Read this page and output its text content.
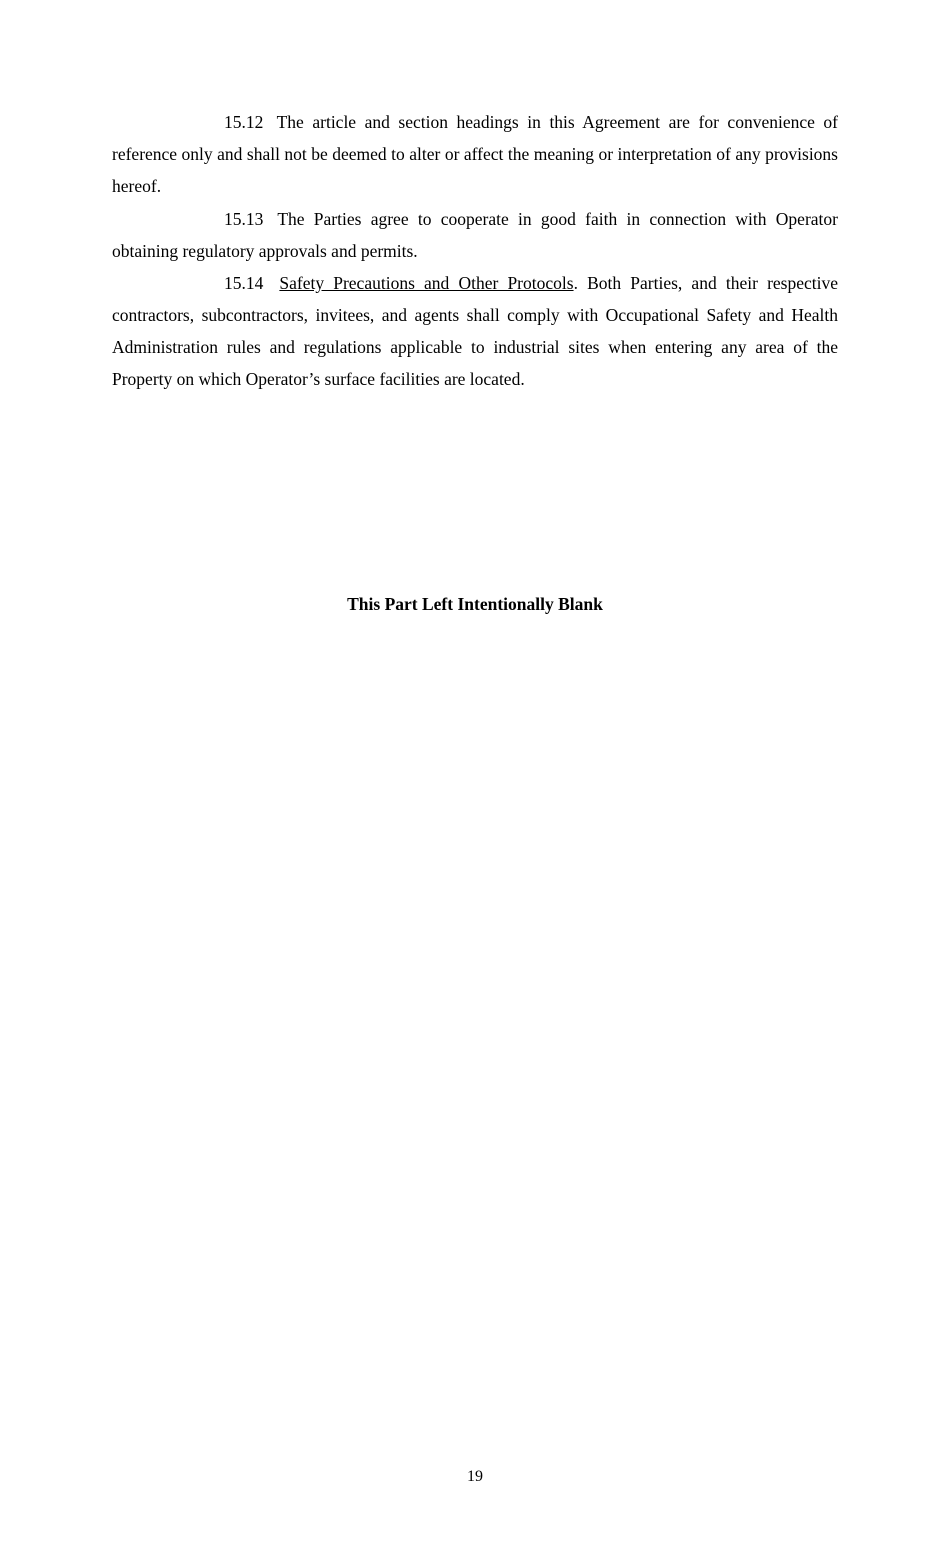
15.12 The article and section headings in this Agreement are for convenience of reference only and shall not be deemed to alter or affect the meaning or interpretation of any provisions hereof.

15.13 The Parties agree to cooperate in good faith in connection with Operator obtaining regulatory approvals and permits.

15.14 Safety Precautions and Other Protocols. Both Parties, and their respective contractors, subcontractors, invitees, and agents shall comply with Occupational Safety and Health Administration rules and regulations applicable to industrial sites when entering any area of the Property on which Operator’s surface facilities are located.

This Part Left Intentionally Blank
19
